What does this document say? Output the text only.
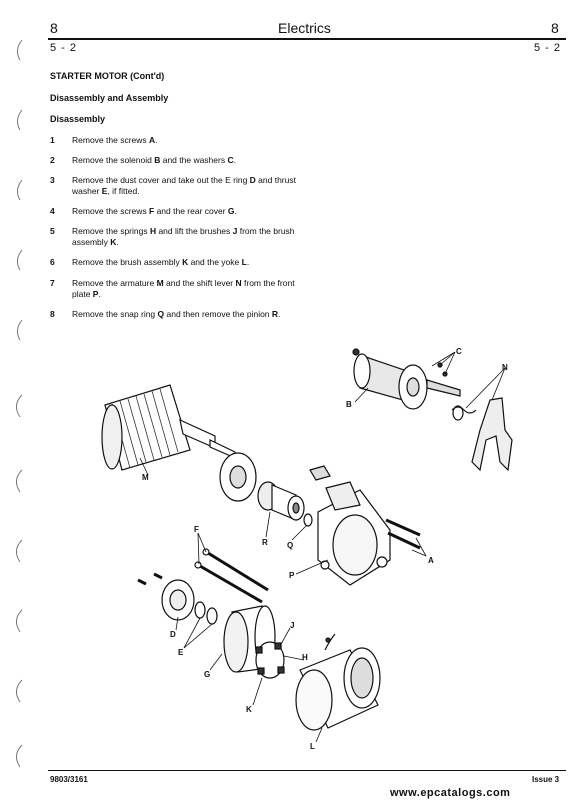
8	Electrics	8
5 - 2	5 - 2
STARTER MOTOR (Cont'd)
Disassembly and Assembly
Disassembly
1 Remove the screws A.
2 Remove the solenoid B and the washers C.
3 Remove the dust cover and take out the E ring D and thrust washer E, if fitted.
4 Remove the screws F and the rear cover G.
5 Remove the springs H and lift the brushes J from the brush assembly K.
6 Remove the brush assembly K and the yoke L.
7 Remove the armature M and the shift lever N from the front plate P.
8 Remove the snap ring Q and then remove the pinion R.
C
N
B
M
R Q
A
P
F
J
D
E
G
H
K
L
9803/3161	Issue 3
www.epcatalogs.com
